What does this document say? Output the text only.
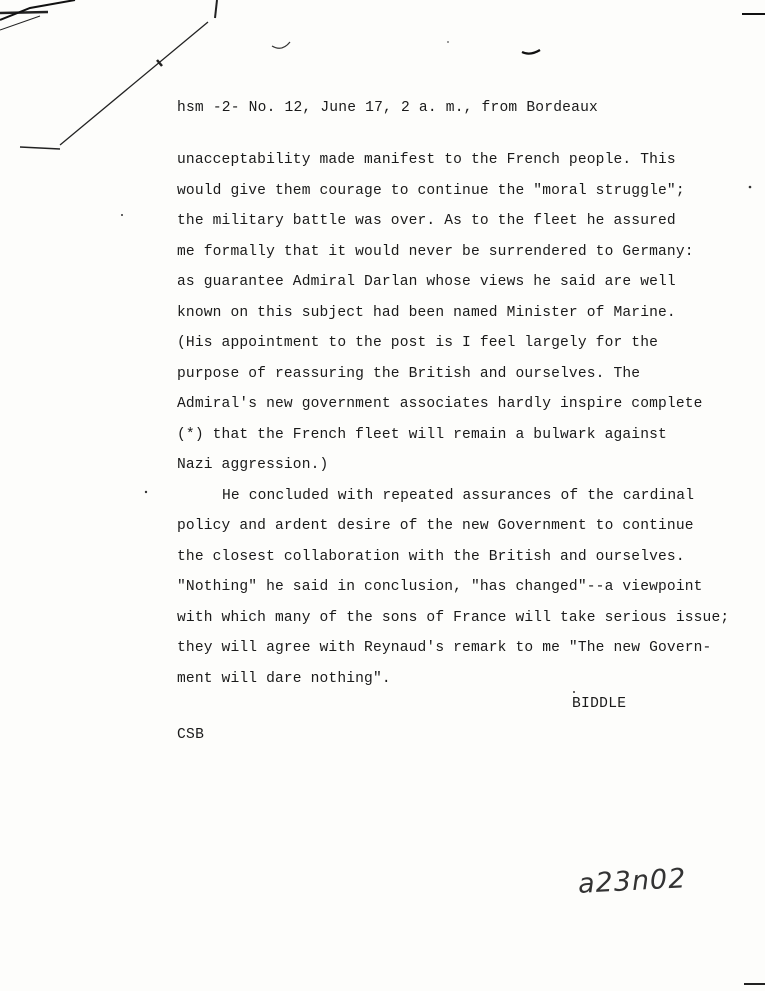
hsm -2- No. 12, June 17, 2 a. m., from Bordeaux
unacceptability made manifest to the French people. This
would give them courage to continue the "moral struggle";
the military battle was over. As to the fleet he assured
me formally that it would never be surrendered to Germany:
as guarantee Admiral Darlan whose views he said are well
known on this subject had been named Minister of Marine.
(His appointment to the post is I feel largely for the
purpose of reassuring the British and ourselves. The
Admiral's new government associates hardly inspire complete
(*) that the French fleet will remain a bulwark against
Nazi aggression.)
He concluded with repeated assurances of the cardinal
policy and ardent desire of the new Government to continue
the closest collaboration with the British and ourselves.
"Nothing" he said in conclusion, "has changed"--a viewpoint
with which many of the sons of France will take serious issue;
they will agree with Reynaud's remark to me "The new Govern-
ment will dare nothing".
BIDDLE
CSB
a23n02
